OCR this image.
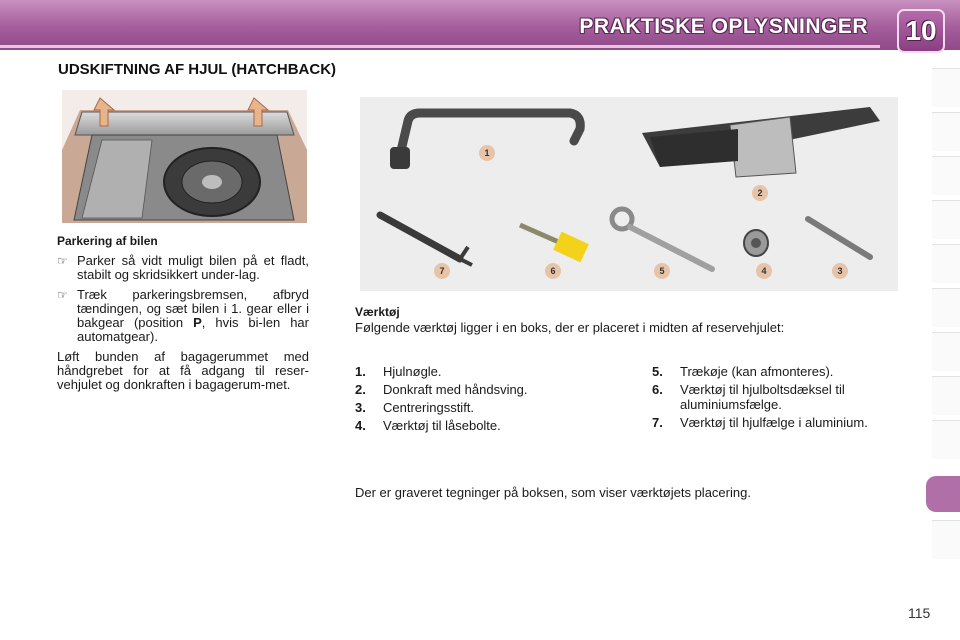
PRAKTISKE OPLYSNINGER	10
UDSKIFTNING AF HJUL (HATCHBACK)
Parkering af bilen
☞ Parker så vidt muligt bilen på et fladt, stabilt og skridsikkert under-lag.
☞ Træk parkeringsbremsen, afbryd tændingen, og sæt bilen i 1. gear eller i bakgear (position P, hvis bi-len har automatgear).
Løft bunden af bagagerummet med håndgrebet for at få adgang til reser-vehjulet og donkraften i bagagerum-met.
1
2
3
4
5
6
7
Værktøj
Følgende værktøj ligger i en boks, der er placeret i midten af reservehjulet:
1. Hjulnøgle.
2. Donkraft med håndsving.
3. Centreringsstift.
4. Værktøj til låsebolte.
5. Trækøje (kan afmonteres).
6. Værktøj til hjulboltsdæksel til aluminiumsfælge.
7. Værktøj til hjulfælge i aluminium.
Der er graveret tegninger på boksen, som viser værktøjets placering.
115
